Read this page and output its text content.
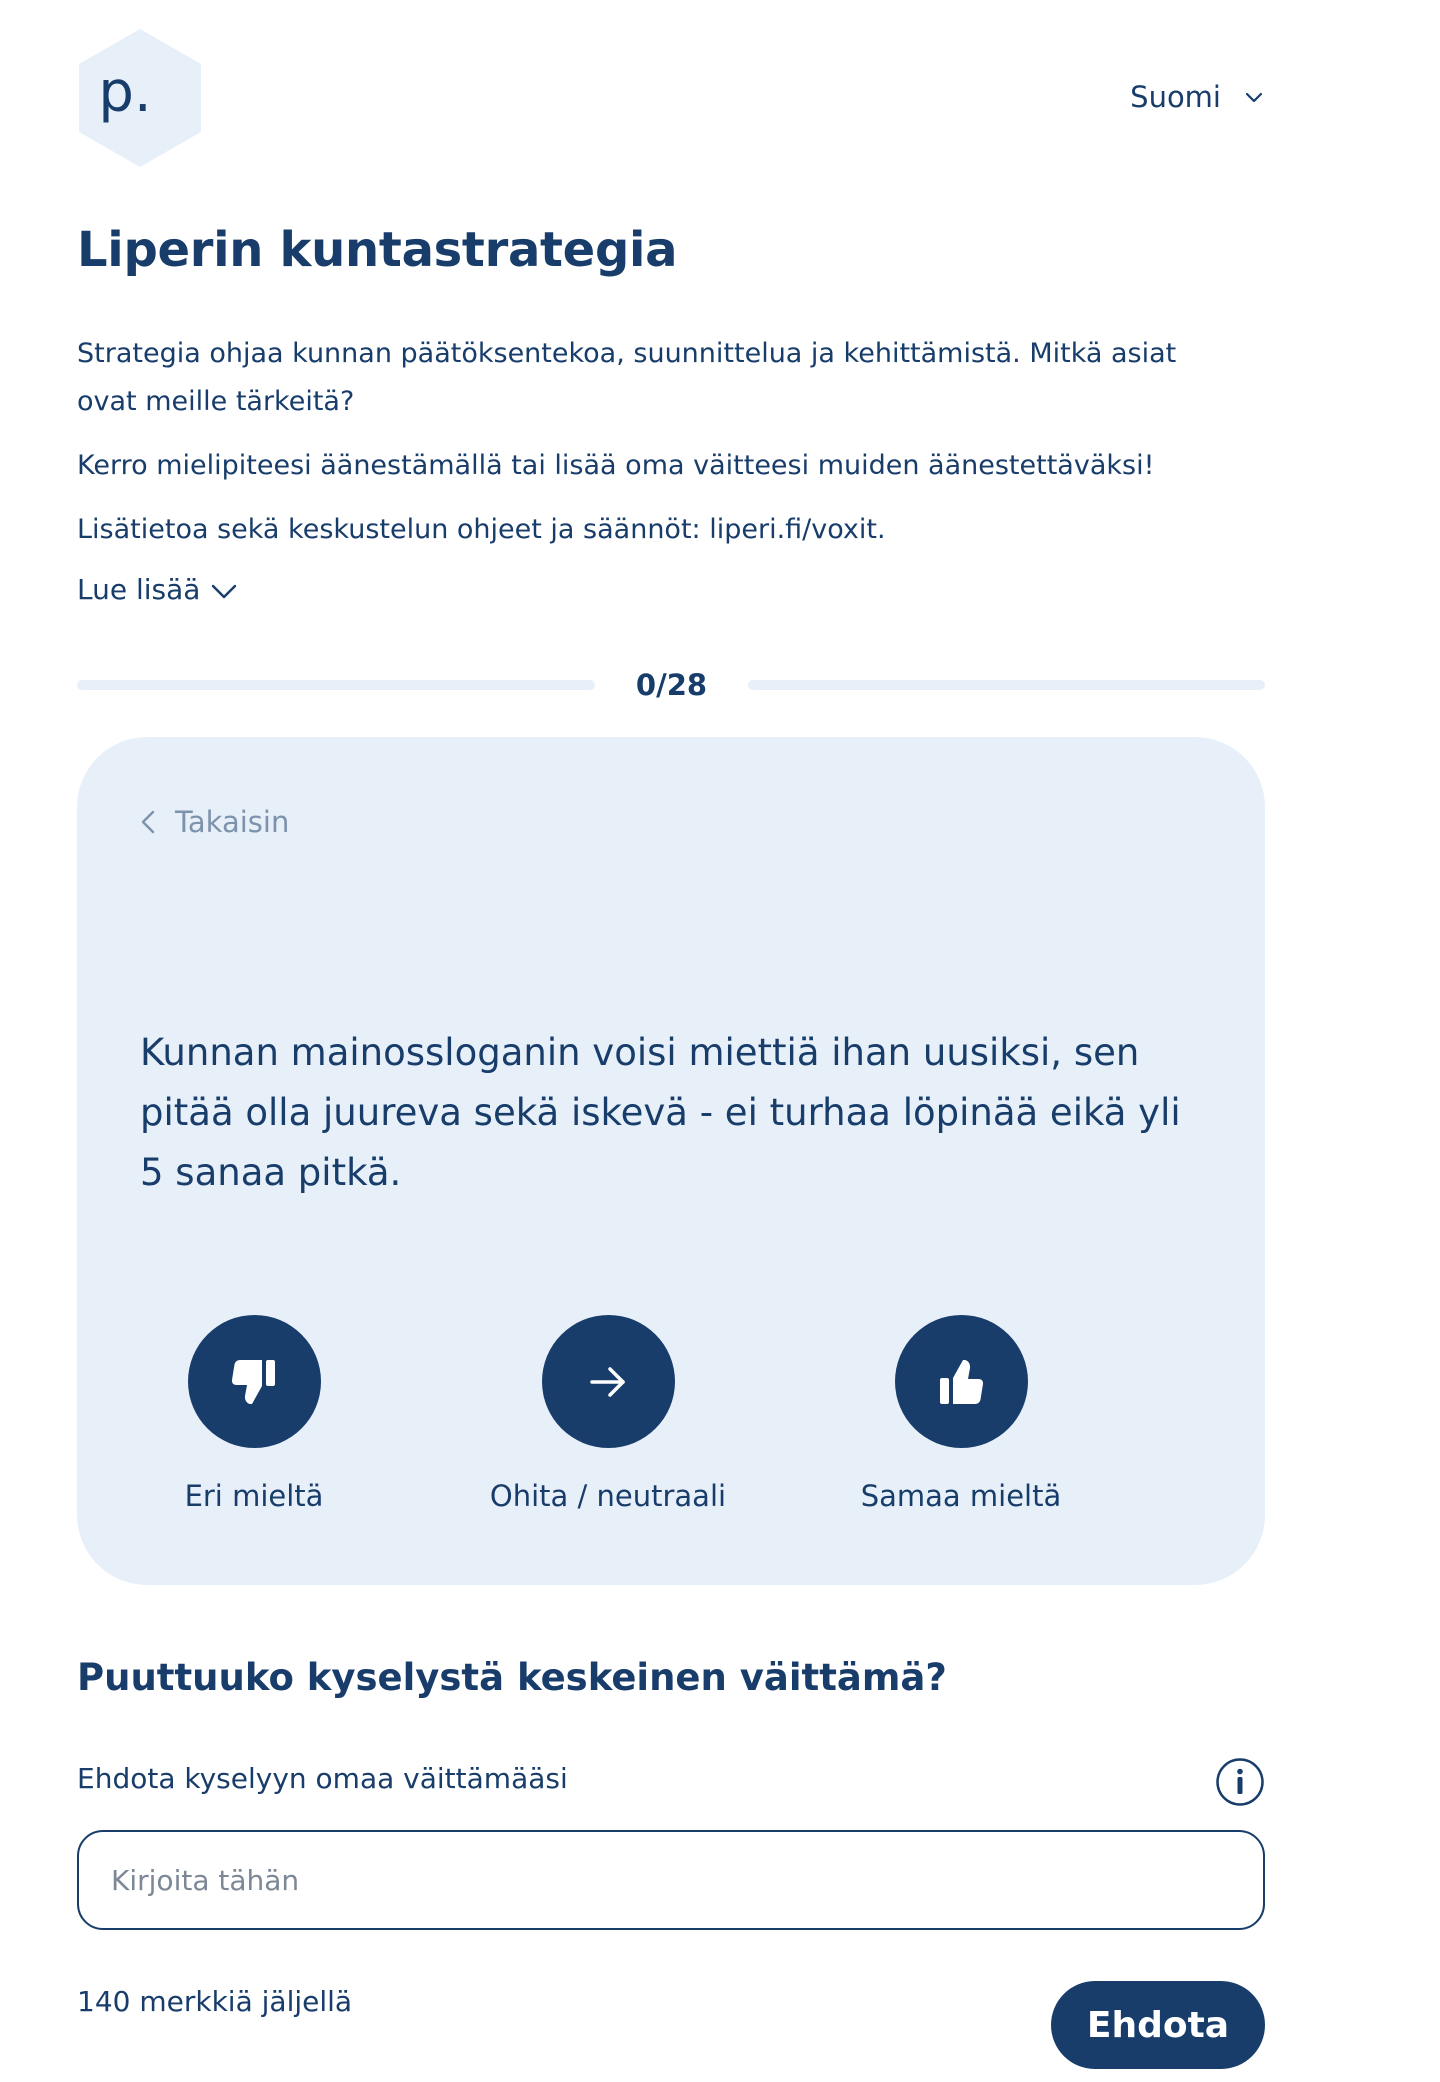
p.	Suomi
Liperin kuntastrategia

Strategia ohjaa kunnan päätöksentekoa, suunnittelua ja kehittämistä. Mitkä asiat ovat meille tärkeitä?

Kerro mielipiteesi äänestämällä tai lisää oma väitteesi muiden äänestettäväksi!

Lisätietoa sekä keskustelun ohjeet ja säännöt: liperi.fi/voxit.

Lue lisää
0/28
Takaisin

Kunnan mainossloganin voisi miettiä ihan uusiksi, sen pitää olla juureva sekä iskevä - ei turhaa löpinää eikä yli 5 sanaa pitkä.

Eri mieltä	Ohita / neutraali	Samaa mieltä
Puuttuuko kyselystä keskeinen väittämä?
Ehdota kyselyyn omaa väittämääsi
Kirjoita tähän
140 merkkiä jäljellä
Ehdota
